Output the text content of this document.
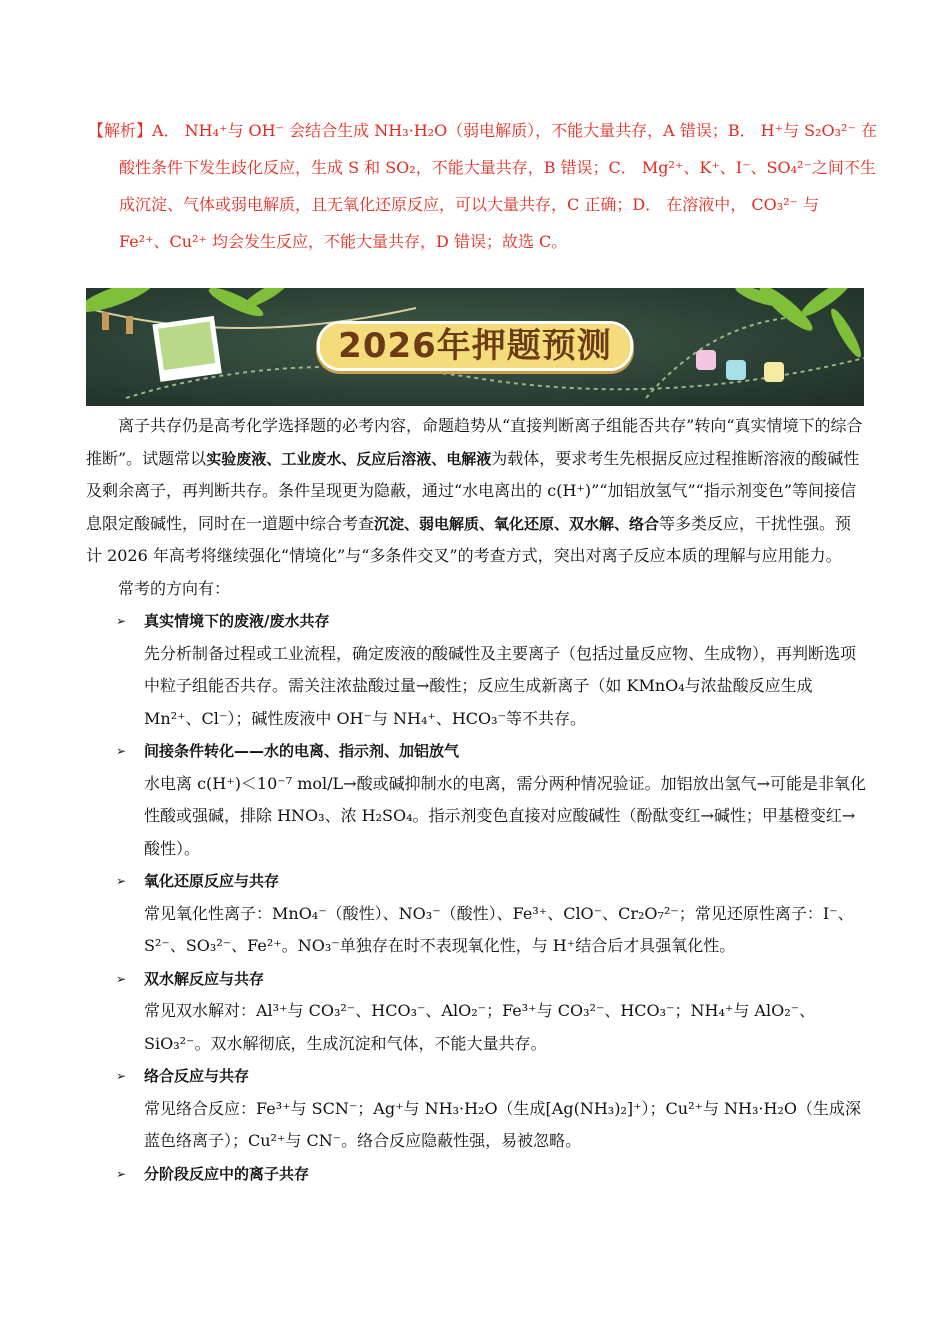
【解析】A． NH₄⁺与 OH⁻ 会结合生成 NH₃·H₂O（弱电解质），不能大量共存，A 错误；B． H⁺与 S₂O₃²⁻ 在
酸性条件下发生歧化反应，生成 S 和 SO₂，不能大量共存，B 错误；C． Mg²⁺、K⁺、I⁻、SO₄²⁻之间不生
成沉淀、气体或弱电解质，且无氧化还原反应，可以大量共存，C 正确；D． 在溶液中， CO₃²⁻ 与
Fe²⁺、Cu²⁺ 均会发生反应，不能大量共存，D 错误；故选 C。
2026年押题预测

离子共存仍是高考化学选择题的必考内容，命题趋势从“直接判断离子组能否共存”转向“真实情境下的综合推断”。试题常以实验废液、工业废水、反应后溶液、电解液为载体，要求考生先根据反应过程推断溶液的酸碱性及剩余离子，再判断共存。条件呈现更为隐蔽，通过“水电离出的 c(H⁺)”“加铝放氢气”“指示剂变色”等间接信息限定酸碱性，同时在一道题中综合考查沉淀、弱电解质、氧化还原、双水解、络合等多类反应，干扰性强。预计 2026 年高考将继续强化“情境化”与“多条件交叉”的考查方式，突出对离子反应本质的理解与应用能力。

常考的方向有：

➢ 真实情境下的废液/废水共存

先分析制备过程或工业流程，确定废液的酸碱性及主要离子（包括过量反应物、生成物），再判断选项中粒子组能否共存。需关注浓盐酸过量→酸性；反应生成新离子（如 KMnO₄与浓盐酸反应生成 Mn²⁺、Cl⁻）；碱性废液中 OH⁻与 NH₄⁺、HCO₃⁻等不共存。

➢ 间接条件转化——水的电离、指示剂、加铝放气

水电离 c(H⁺)＜10⁻⁷ mol/L→酸或碱抑制水的电离，需分两种情况验证。加铝放出氢气→可能是非氧化性酸或强碱，排除 HNO₃、浓 H₂SO₄。指示剂变色直接对应酸碱性（酚酞变红→碱性；甲基橙变红→酸性）。

➢ 氧化还原反应与共存

常见氧化性离子：MnO₄⁻（酸性）、NO₃⁻（酸性）、Fe³⁺、ClO⁻、Cr₂O₇²⁻；常见还原性离子：I⁻、S²⁻、SO₃²⁻、Fe²⁺。NO₃⁻单独存在时不表现氧化性，与 H⁺结合后才具强氧化性。

➢ 双水解反应与共存

常见双水解对：Al³⁺与 CO₃²⁻、HCO₃⁻、AlO₂⁻；Fe³⁺与 CO₃²⁻、HCO₃⁻；NH₄⁺与 AlO₂⁻、SiO₃²⁻。双水解彻底，生成沉淀和气体，不能大量共存。

➢ 络合反应与共存

常见络合反应：Fe³⁺与 SCN⁻；Ag⁺与 NH₃·H₂O（生成[Ag(NH₃)₂]⁺）；Cu²⁺与 NH₃·H₂O（生成深蓝色络离子）；Cu²⁺与 CN⁻。络合反应隐蔽性强，易被忽略。

➢ 分阶段反应中的离子共存
